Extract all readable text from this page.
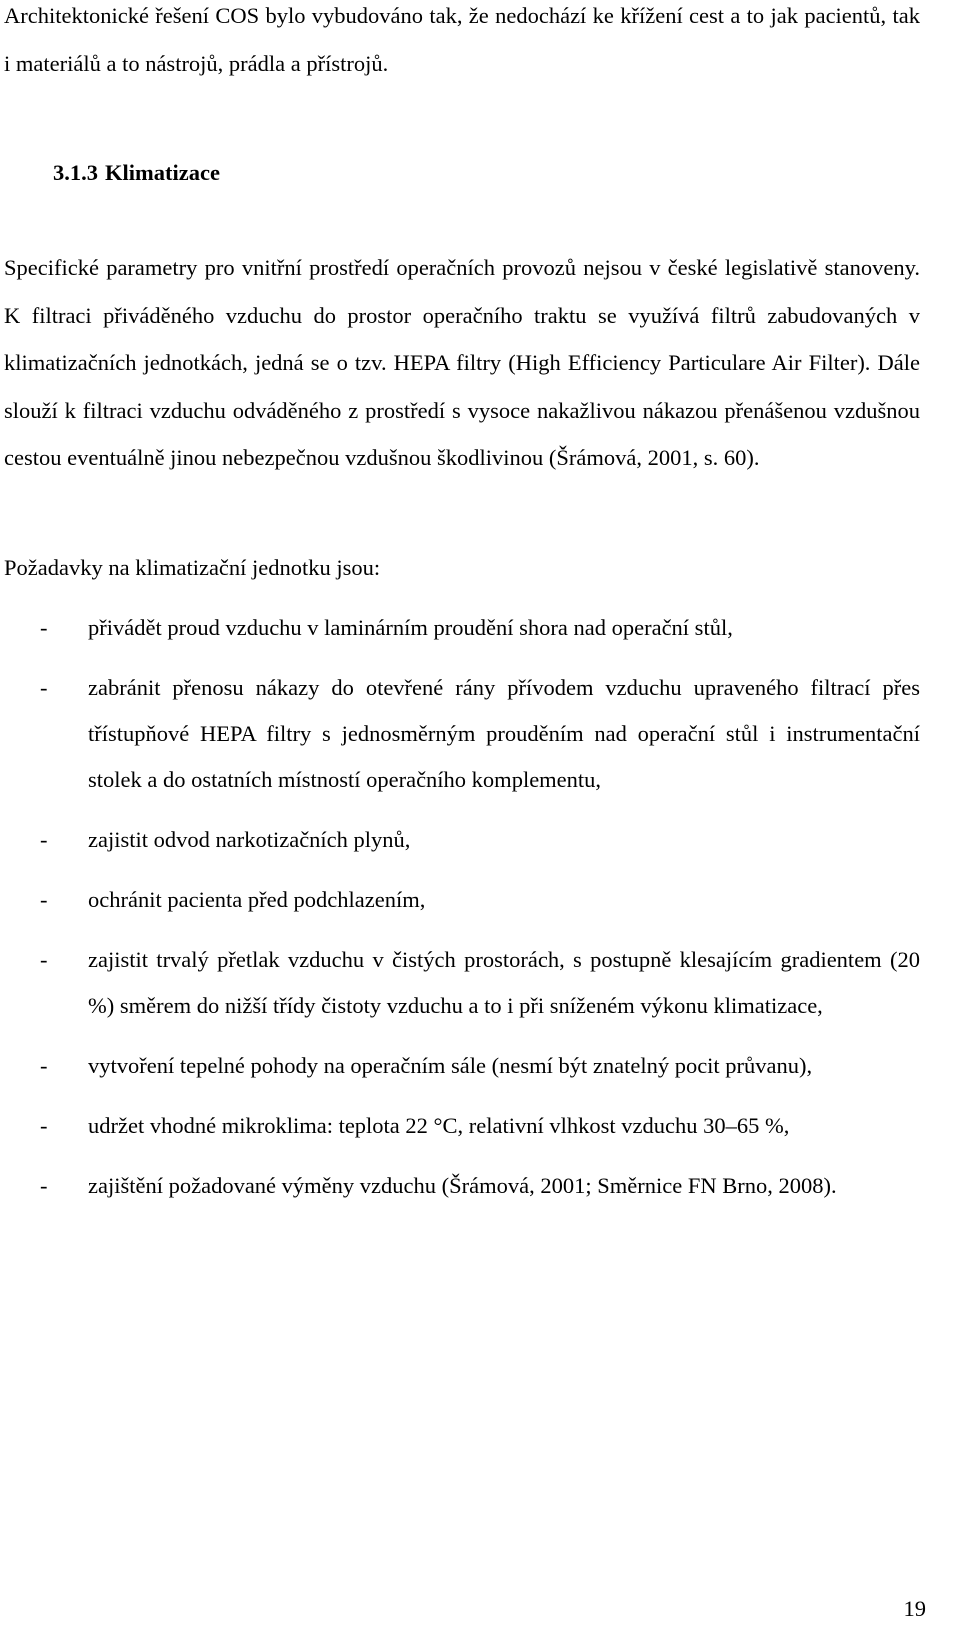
Architektonické řešení COS bylo vybudováno tak, že nedochází ke křížení cest a to jak pacientů, tak i materiálů a to nástrojů, prádla a přístrojů.

3.1.3 Klimatizace

Specifické parametry pro vnitřní prostředí operačních provozů nejsou v české legislativě stanoveny. K filtraci přiváděného vzduchu do prostor operačního traktu se využívá filtrů zabudovaných v klimatizačních jednotkách, jedná se o tzv. HEPA filtry (High Efficiency Particulare Air Filter). Dále slouží k filtraci vzduchu odváděného z prostředí s vysoce nakažlivou nákazou přenášenou vzdušnou cestou eventuálně jinou nebezpečnou vzdušnou škodlivinou (Šrámová, 2001, s. 60).

Požadavky na klimatizační jednotku jsou:

- přivádět proud vzduchu v laminárním proudění shora nad operační stůl,
- zabránit přenosu nákazy do otevřené rány přívodem vzduchu upraveného filtrací přes třístupňové HEPA filtry s jednosměrným prouděním nad operační stůl i instrumentační stolek a do ostatních místností operačního komplementu,
- zajistit odvod narkotizačních plynů,
- ochránit pacienta před podchlazením,
- zajistit trvalý přetlak vzduchu v čistých prostorách, s postupně klesajícím gradientem (20 %) směrem do nižší třídy čistoty vzduchu a to i při sníženém výkonu klimatizace,
- vytvoření tepelné pohody na operačním sále (nesmí být znatelný pocit průvanu),
- udržet vhodné mikroklima: teplota 22 °C, relativní vlhkost vzduchu 30–65 %,
- zajištění požadované výměny vzduchu (Šrámová, 2001; Směrnice FN Brno, 2008).
19
